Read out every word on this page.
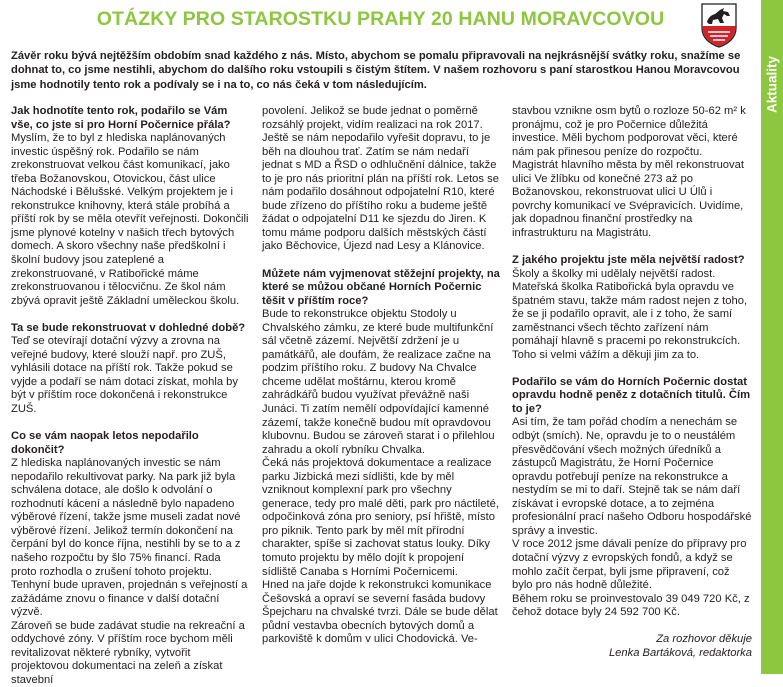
OTÁZKY PRO STAROSTKU PRAHY 20 HANU MORAVCOVOU
Aktuality
Závěr roku bývá nejtěžším obdobím snad každého z nás. Místo, abychom se pomalu připravovali na nejkrásnější svátky roku, snažíme se dohnat to, co jsme nestihli, abychom do dalšího roku vstoupili s čistým štítem. V našem rozhovoru s paní starostkou Hanou Moravcovou jsme hodnotily tento rok a podívaly se i na to, co nás čeká v tom následujícím.

Jak hodnotíte tento rok, podařilo se Vám vše, co jste si pro Horní Počernice přála?

Myslím, že to byl z hlediska naplánovaných investic úspěšný rok. Podařilo se nám zrekonstruovat velkou část komunikací, jako třeba Božanovskou, Otovickou, část ulice Náchodské i Bělušské. Velkým projektem je i rekonstrukce knihovny, která stále probíhá a příští rok by se měla otevřít veřejnosti. Dokončili jsme plynové kotelny v našich třech bytových domech. A skoro všechny naše předškolní i školní budovy jsou zateplené a zrekonstruované, v Ratibořické máme zrekonstruovanou i tělocvičnu. Ze škol nám zbývá opravit ještě Základní uměleckou školu.

Ta se bude rekonstruovat v dohledné době?

Teď se otevírají dotační výzvy a zrovna na veřejné budovy, které slouží např. pro ZUŠ, vyhlásili dotace na příští rok. Takže pokud se vyjde a podaří se nám dotaci získat, mohla by být v příštím roce dokončená i rekonstrukce ZUŠ.

Co se vám naopak letos nepodařilo dokončit?

Z hlediska naplánovaných investic se nám nepodařilo rekultivovat parky. Na park již byla schválena dotace, ale došlo k odvolání o rozhodnutí kácení a následně bylo napadeno výběrové řízení, takže jsme museli zadat nové výběrové řízení. Jelikož termín dokončení na čerpání byl do konce října, nestihli by se to a z našeho rozpočtu by šlo 75% financí. Rada proto rozhodla o zrušení tohoto projektu. Tenhyní bude upraven, projednán s veřejností a zažádáme znovu o finance v další dotační výzvě.

Zároveň se bude zadávat studie na rekreační a oddychové zóny. V příštím roce bychom měli revitalizovat některé rybníky, vytvořit projektovou dokumentaci na zeleň a získat stavební

povolení. Jelikož se bude jednat o poměrně rozsáhlý projekt, vidím realizaci na rok 2017.

Ještě se nám nepodařilo vyřešit dopravu, to je běh na dlouhou trať. Zatím se nám nedaří jednat s MD a ŘSD o odhlučnění dálnice, takže to je pro nás prioritní plán na příští rok. Letos se nám podařilo dosáhnout odpojatelní R10, které bude zřízeno do příštího roku a budeme ještě žádat o odpojatelní D11 ke sjezdu do Jiren. K tomu máme podporu dalších městských částí jako Běchovice, Újezd nad Lesy a Klánovice.

Můžete nám vyjmenovat stěžejní projekty, na které se můžou občané Horních Počernic těšit v příštím roce?

Bude to rekonstrukce objektu Stodoly u Chvalského zámku, ze které bude multifunkční sál včetně zázemí. Největší zdržení je u památkářů, ale doufám, že realizace začne na podzim příštího roku. Z budovy Na Chvalce chceme udělat moštárnu, kterou kromě zahrádkářů budou využívat převážně naši Junáci. Ti zatím nemělí odpovídající kamenné zázemí, takže konečně budou mít opravdovou klubovnu. Budou se zároveň starat i o přilehlou zahradu a okolí rybníku Chvalka.

Čeká nás projektová dokumentace a realizace parku Jizbická mezi sídlišti, kde by měl vzniknout komplexní park pro všechny generace, tedy pro malé děti, park pro náctileté, odpočinková zóna pro seniory, psí hřiště, místo pro piknik. Tento park by měl mít přírodní charakter, spíše si zachovat status louky. Díky tomuto projektu by mělo dojít k propojení sídliště Canaba s Horními Počernicemi.

Hned na jaře dojde k rekonstrukci komunikace Češovská a opraví se severní fasáda budovy Špejcharu na chvalské tvrzi. Dále se bude dělat půdní vestavba obecních bytových domů a parkoviště k domům v ulici Chodovická. Ve-

stavbou vznikne osm bytů o rozloze 50-62 m² k pronájmu, což je pro Počernice důležitá investice. Měli bychom podporovat věci, které nám pak přinesou peníze do rozpočtu.

Magistrát hlavního města by měl rekonstruovat ulici Ve žlíbku od konečné 273 až po Božanovskou, rekonstruovat ulici U Úlů i povrchy komunikací ve Svépravicích. Uvidíme, jak dopadnou finanční prostředky na infrastrukturu na Magistrátu.

Z jakého projektu jste měla největší radost?

Školy a školky mi udělaly největší radost. Mateřská školka Ratibořická byla opravdu ve špatném stavu, takže mám radost nejen z toho, že se ji podařilo opravit, ale i z toho, že samí zaměstnanci všech těchto zařízení nám pomáhají hlavně s pracemi po rekonstrukcích. Toho si velmi vážím a děkuji jim za to.

Podařilo se vám do Horních Počernic dostat opravdu hodně peněz z dotačních titulů. Čím to je?

Asi tím, že tam pořád chodím a nenechám se odbýt (smích). Ne, opravdu je to o neustálém přesvědčování všech možných úředníků a zástupců Magistrátu, že Horní Počernice opravdu potřebují peníze na rekonstrukce a nestydím se mi to daří. Stejně tak se nám daří získávat i evropské dotace, a to zejména profesionální prací našeho Odboru hospodářské správy a investic.

V roce 2012 jsme dávali peníze do přípravy pro dotační výzvy z evropských fondů, a když se mohlo začít čerpat, byli jsme připravení, což bylo pro nás hodně důležité.

Během roku se proinvestovalo 39 049 720 Kč, z čehož dotace byly 24 592 700 Kč.

Za rozhovor děkuje

Lenka Bartáková, redaktorka
